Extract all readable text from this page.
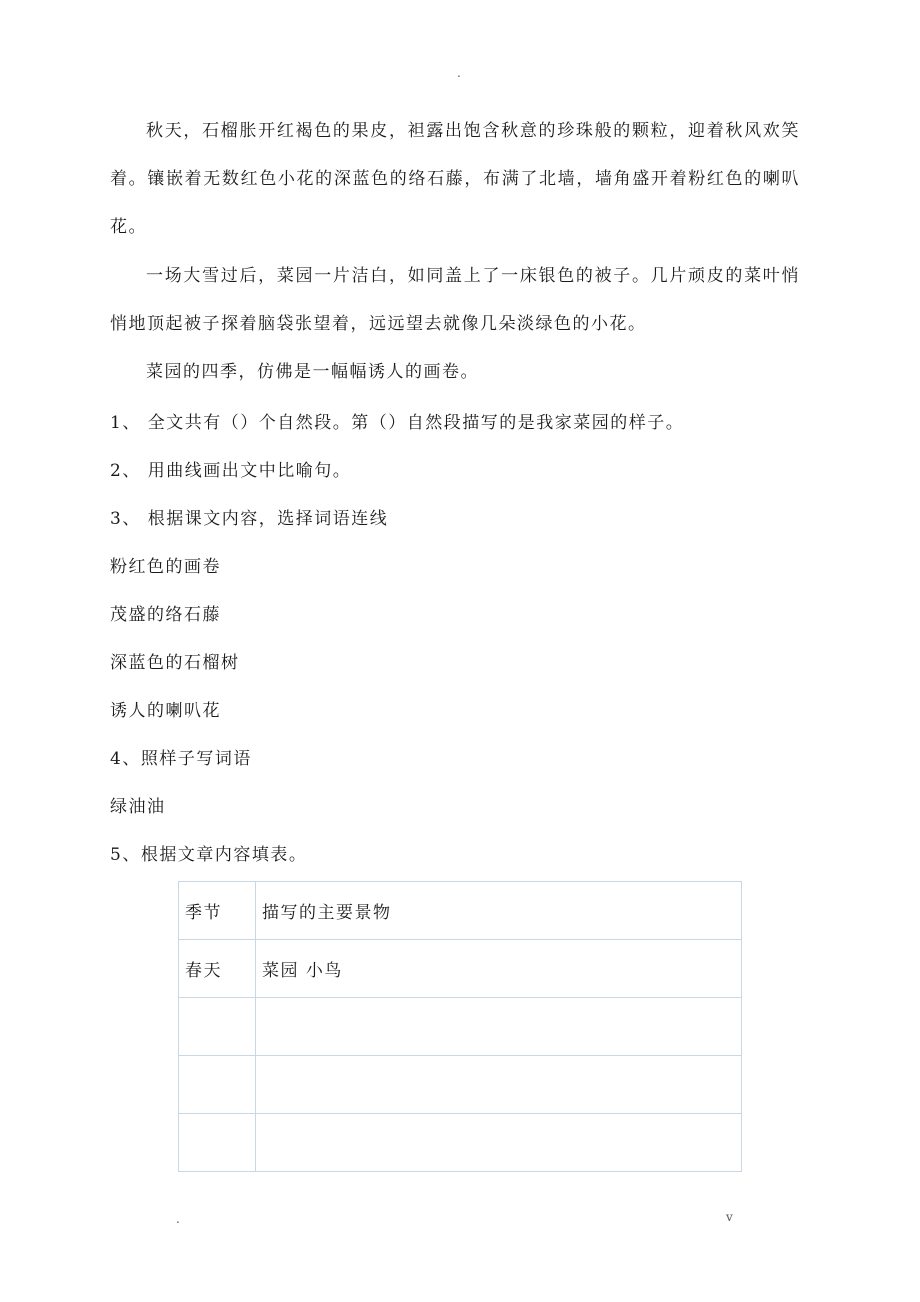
.

秋天，石榴胀开红褐色的果皮，袒露出饱含秋意的珍珠般的颗粒，迎着秋风欢笑着。镶嵌着无数红色小花的深蓝色的络石藤，布满了北墙，墙角盛开着粉红色的喇叭花。

一场大雪过后，菜园一片洁白，如同盖上了一床银色的被子。几片顽皮的菜叶悄悄地顶起被子探着脑袋张望着，远远望去就像几朵淡绿色的小花。

菜园的四季，仿佛是一幅幅诱人的画卷。

1、 全文共有（）个自然段。第（）自然段描写的是我家菜园的样子。

2、 用曲线画出文中比喻句。

3、 根据课文内容，选择词语连线

粉红色的画卷

茂盛的络石藤

深蓝色的石榴树

诱人的喇叭花

4、照样子写词语

绿油油

5、根据文章内容填表。

季节	描写的主要景物
春天	菜园 小鸟

.	v
